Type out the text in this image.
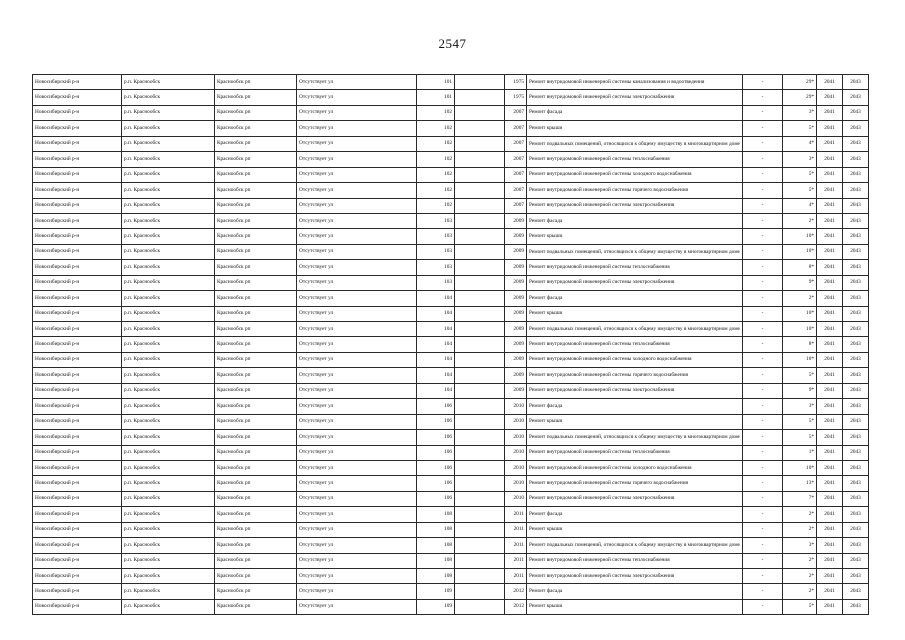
2547
Новосибирский р-н	р.п. Краснообск	Краснообск рп	Отсутствует ул	101		1975	Ремонт внутридомовой инженерной системы канализования и водоотведения	-	29*	2041	2043
Новосибирский р-н	р.п. Краснообск	Краснообск рп	Отсутствует ул	101		1975	Ремонт внутридомовой инженерной системы электроснабжения	-	29*	2041	2043
Новосибирский р-н	р.п. Краснообск	Краснообск рп	Отсутствует ул	102		2007	Ремонт фасада	-	3*	2041	2043
Новосибирский р-н	р.п. Краснообск	Краснообск рп	Отсутствует ул	102		2007	Ремонт крыши	-	5*	2041	2043
Новосибирский р-н	р.п. Краснообск	Краснообск рп	Отсутствует ул	102		2007	Ремонт подвальных помещений, относящихся к общему имуществу в многоквартирном доме	-	4*	2041	2043
Новосибирский р-н	р.п. Краснообск	Краснообск рп	Отсутствует ул	102		2007	Ремонт внутридомовой инженерной системы теплоснабжения	-	3*	2041	2043
Новосибирский р-н	р.п. Краснообск	Краснообск рп	Отсутствует ул	102		2007	Ремонт внутридомовой инженерной системы холодного водоснабжения	-	5*	2041	2043
Новосибирский р-н	р.п. Краснообск	Краснообск рп	Отсутствует ул	102		2007	Ремонт внутридомовой инженерной системы горячего водоснабжения	-	5*	2041	2043
Новосибирский р-н	р.п. Краснообск	Краснообск рп	Отсутствует ул	102		2007	Ремонт внутридомовой инженерной системы электроснабжения	-	4*	2041	2043
Новосибирский р-н	р.п. Краснообск	Краснообск рп	Отсутствует ул	103		2009	Ремонт фасада	-	2*	2041	2043
Новосибирский р-н	р.п. Краснообск	Краснообск рп	Отсутствует ул	103		2009	Ремонт крыши	-	10*	2041	2043
Новосибирский р-н	р.п. Краснообск	Краснообск рп	Отсутствует ул	103		2009	Ремонт подвальных помещений, относящихся к общему имуществу в многоквартирном доме	-	10*	2041	2043
Новосибирский р-н	р.п. Краснообск	Краснообск рп	Отсутствует ул	103		2009	Ремонт внутридомовой инженерной системы теплоснабжения	-	8*	2041	2043
Новосибирский р-н	р.п. Краснообск	Краснообск рп	Отсутствует ул	103		2009	Ремонт внутридомовой инженерной системы электроснабжения	-	9*	2041	2043
Новосибирский р-н	р.п. Краснообск	Краснообск рп	Отсутствует ул	104		2009	Ремонт фасада	-	2*	2041	2043
Новосибирский р-н	р.п. Краснообск	Краснообск рп	Отсутствует ул	104		2009	Ремонт крыши	-	10*	2041	2043
Новосибирский р-н	р.п. Краснообск	Краснообск рп	Отсутствует ул	104		2009	Ремонт подвальных помещений, относящихся к общему имуществу в многоквартирном доме	-	10*	2041	2043
Новосибирский р-н	р.п. Краснообск	Краснообск рп	Отсутствует ул	104		2009	Ремонт внутридомовой инженерной системы теплоснабжения	-	8*	2041	2043
Новосибирский р-н	р.п. Краснообск	Краснообск рп	Отсутствует ул	104		2009	Ремонт внутридомовой инженерной системы холодного водоснабжения	-	10*	2041	2043
Новосибирский р-н	р.п. Краснообск	Краснообск рп	Отсутствует ул	104		2009	Ремонт внутридомовой инженерной системы горячего водоснабжения	-	5*	2041	2043
Новосибирский р-н	р.п. Краснообск	Краснообск рп	Отсутствует ул	104		2009	Ремонт внутридомовой инженерной системы электроснабжения	-	9*	2041	2043
Новосибирский р-н	р.п. Краснообск	Краснообск рп	Отсутствует ул	106		2010	Ремонт фасада	-	3*	2041	2043
Новосибирский р-н	р.п. Краснообск	Краснообск рп	Отсутствует ул	106		2010	Ремонт крыши	-	5*	2041	2043
Новосибирский р-н	р.п. Краснообск	Краснообск рп	Отсутствует ул	106		2010	Ремонт подвальных помещений, относящихся к общему имуществу в многоквартирном доме	-	5*	2041	2043
Новосибирский р-н	р.п. Краснообск	Краснообск рп	Отсутствует ул	106		2010	Ремонт внутридомовой инженерной системы теплоснабжения	-	1*	2041	2043
Новосибирский р-н	р.п. Краснообск	Краснообск рп	Отсутствует ул	106		2010	Ремонт внутридомовой инженерной системы холодного водоснабжения	-	10*	2041	2043
Новосибирский р-н	р.п. Краснообск	Краснообск рп	Отсутствует ул	106		2010	Ремонт внутридомовой инженерной системы горячего водоснабжения	-	13*	2041	2043
Новосибирский р-н	р.п. Краснообск	Краснообск рп	Отсутствует ул	106		2010	Ремонт внутридомовой инженерной системы электроснабжения	-	7*	2041	2043
Новосибирский р-н	р.п. Краснообск	Краснообск рп	Отсутствует ул	108		2011	Ремонт фасада	-	2*	2041	2043
Новосибирский р-н	р.п. Краснообск	Краснообск рп	Отсутствует ул	108		2011	Ремонт крыши	-	2*	2041	2043
Новосибирский р-н	р.п. Краснообск	Краснообск рп	Отсутствует ул	108		2011	Ремонт подвальных помещений, относящихся к общему имуществу в многоквартирном доме	-	3*	2041	2043
Новосибирский р-н	р.п. Краснообск	Краснообск рп	Отсутствует ул	108		2011	Ремонт внутридомовой инженерной системы теплоснабжения	-	2*	2041	2043
Новосибирский р-н	р.п. Краснообск	Краснообск рп	Отсутствует ул	108		2011	Ремонт внутридомовой инженерной системы электроснабжения	-	2*	2041	2043
Новосибирский р-н	р.п. Краснообск	Краснообск рп	Отсутствует ул	109		2012	Ремонт фасада	-	2*	2041	2043
Новосибирский р-н	р.п. Краснообск	Краснообск рп	Отсутствует ул	109		2012	Ремонт крыши	-	5*	2041	2043
